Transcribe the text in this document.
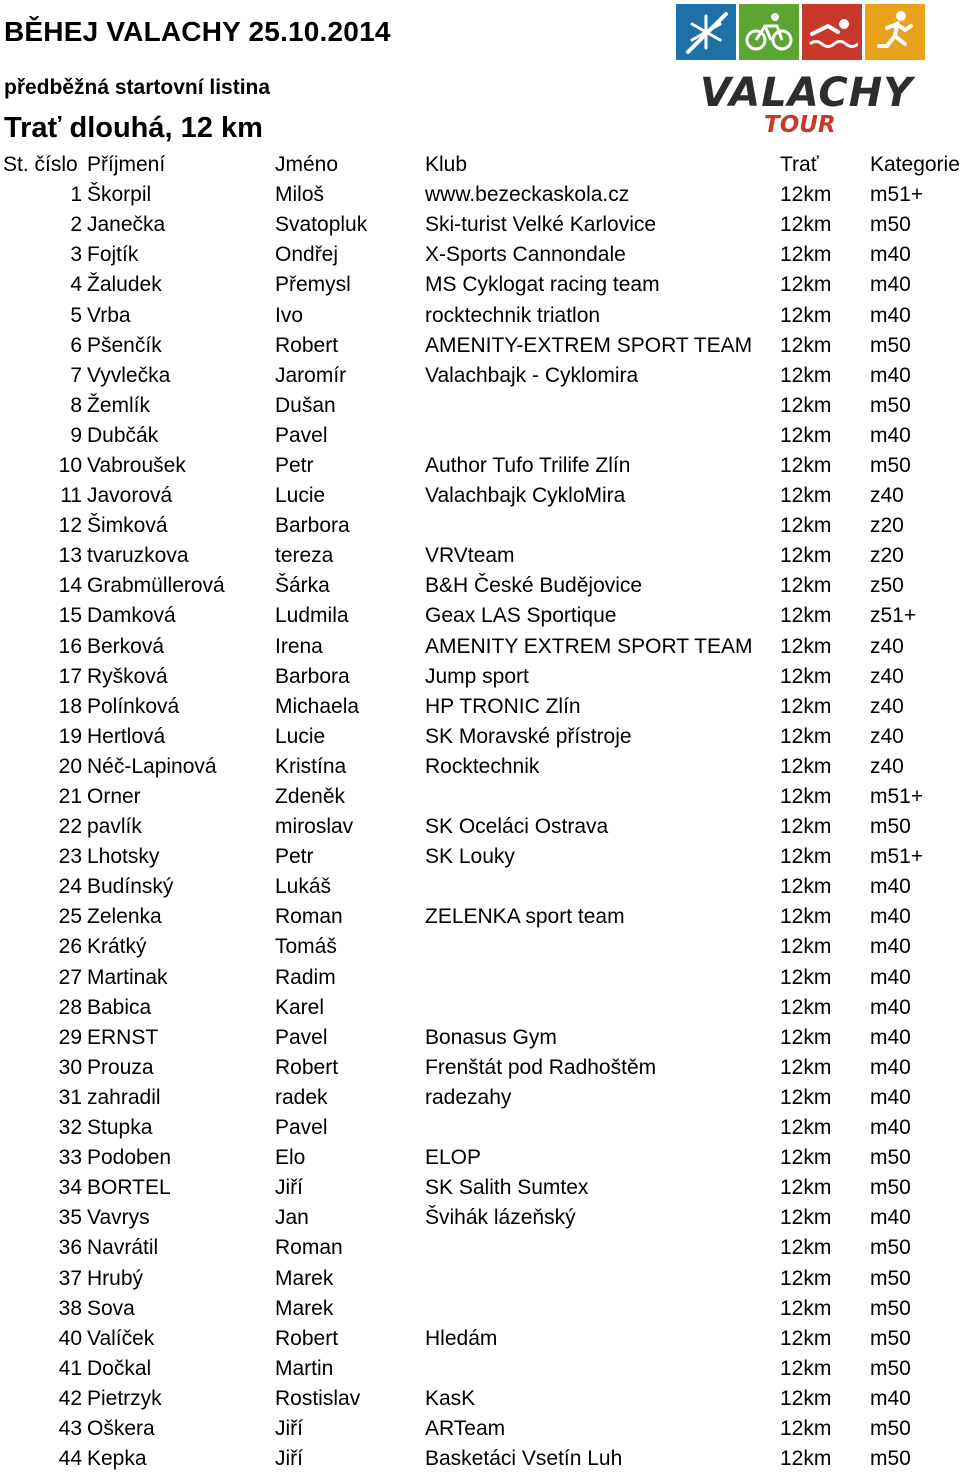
BĚHEJ VALACHY 25.10.2014
předběžná startovní listina
Trať dlouhá, 12 km
VALACHY
TOUR
St. číslo	Příjmení	Jméno	Klub	Trať	Kategorie
1	Škorpil	Miloš	www.bezeckaskola.cz	12km	m51+
2	Janečka	Svatopluk	Ski-turist Velké Karlovice	12km	m50
3	Fojtík	Ondřej	X-Sports Cannondale	12km	m40
4	Žaludek	Přemysl	MS Cyklogat racing team	12km	m40
5	Vrba	Ivo	rocktechnik triatlon	12km	m40
6	Pšenčík	Robert	AMENITY-EXTREM SPORT TEAM	12km	m50
7	Vyvlečka	Jaromír	Valachbajk - Cyklomira	12km	m40
8	Žemlík	Dušan		12km	m50
9	Dubčák	Pavel		12km	m40
10	Vabroušek	Petr	Author Tufo Trilife Zlín	12km	m50
11	Javorová	Lucie	Valachbajk CykloMira	12km	z40
12	Šimková	Barbora		12km	z20
13	tvaruzkova	tereza	VRVteam	12km	z20
14	Grabmüllerová	Šárka	B&H České Budějovice	12km	z50
15	Damková	Ludmila	Geax LAS Sportique	12km	z51+
16	Berková	Irena	AMENITY EXTREM SPORT TEAM	12km	z40
17	Ryšková	Barbora	Jump sport	12km	z40
18	Polínková	Michaela	HP TRONIC Zlín	12km	z40
19	Hertlová	Lucie	SK Moravské přístroje	12km	z40
20	Néč-Lapinová	Kristína	Rocktechnik	12km	z40
21	Orner	Zdeněk		12km	m51+
22	pavlík	miroslav	SK Oceláci Ostrava	12km	m50
23	Lhotsky	Petr	SK Louky	12km	m51+
24	Budínský	Lukáš		12km	m40
25	Zelenka	Roman	ZELENKA sport team	12km	m40
26	Krátký	Tomáš		12km	m40
27	Martinak	Radim		12km	m40
28	Babica	Karel		12km	m40
29	ERNST	Pavel	Bonasus Gym	12km	m40
30	Prouza	Robert	Frenštát pod Radhoštěm	12km	m40
31	zahradil	radek	radezahy	12km	m40
32	Stupka	Pavel		12km	m40
33	Podoben	Elo	ELOP	12km	m50
34	BORTEL	Jiří	SK Salith Sumtex	12km	m50
35	Vavrys	Jan	Švihák lázeňský	12km	m40
36	Navrátil	Roman		12km	m50
37	Hrubý	Marek		12km	m50
38	Sova	Marek		12km	m50
40	Valíček	Robert	Hledám	12km	m50
41	Dočkal	Martin		12km	m50
42	Pietrzyk	Rostislav	KasK	12km	m40
43	Oškera	Jiří	ARTeam	12km	m50
44	Kepka	Jiří	Basketáci Vsetín Luh	12km	m50
